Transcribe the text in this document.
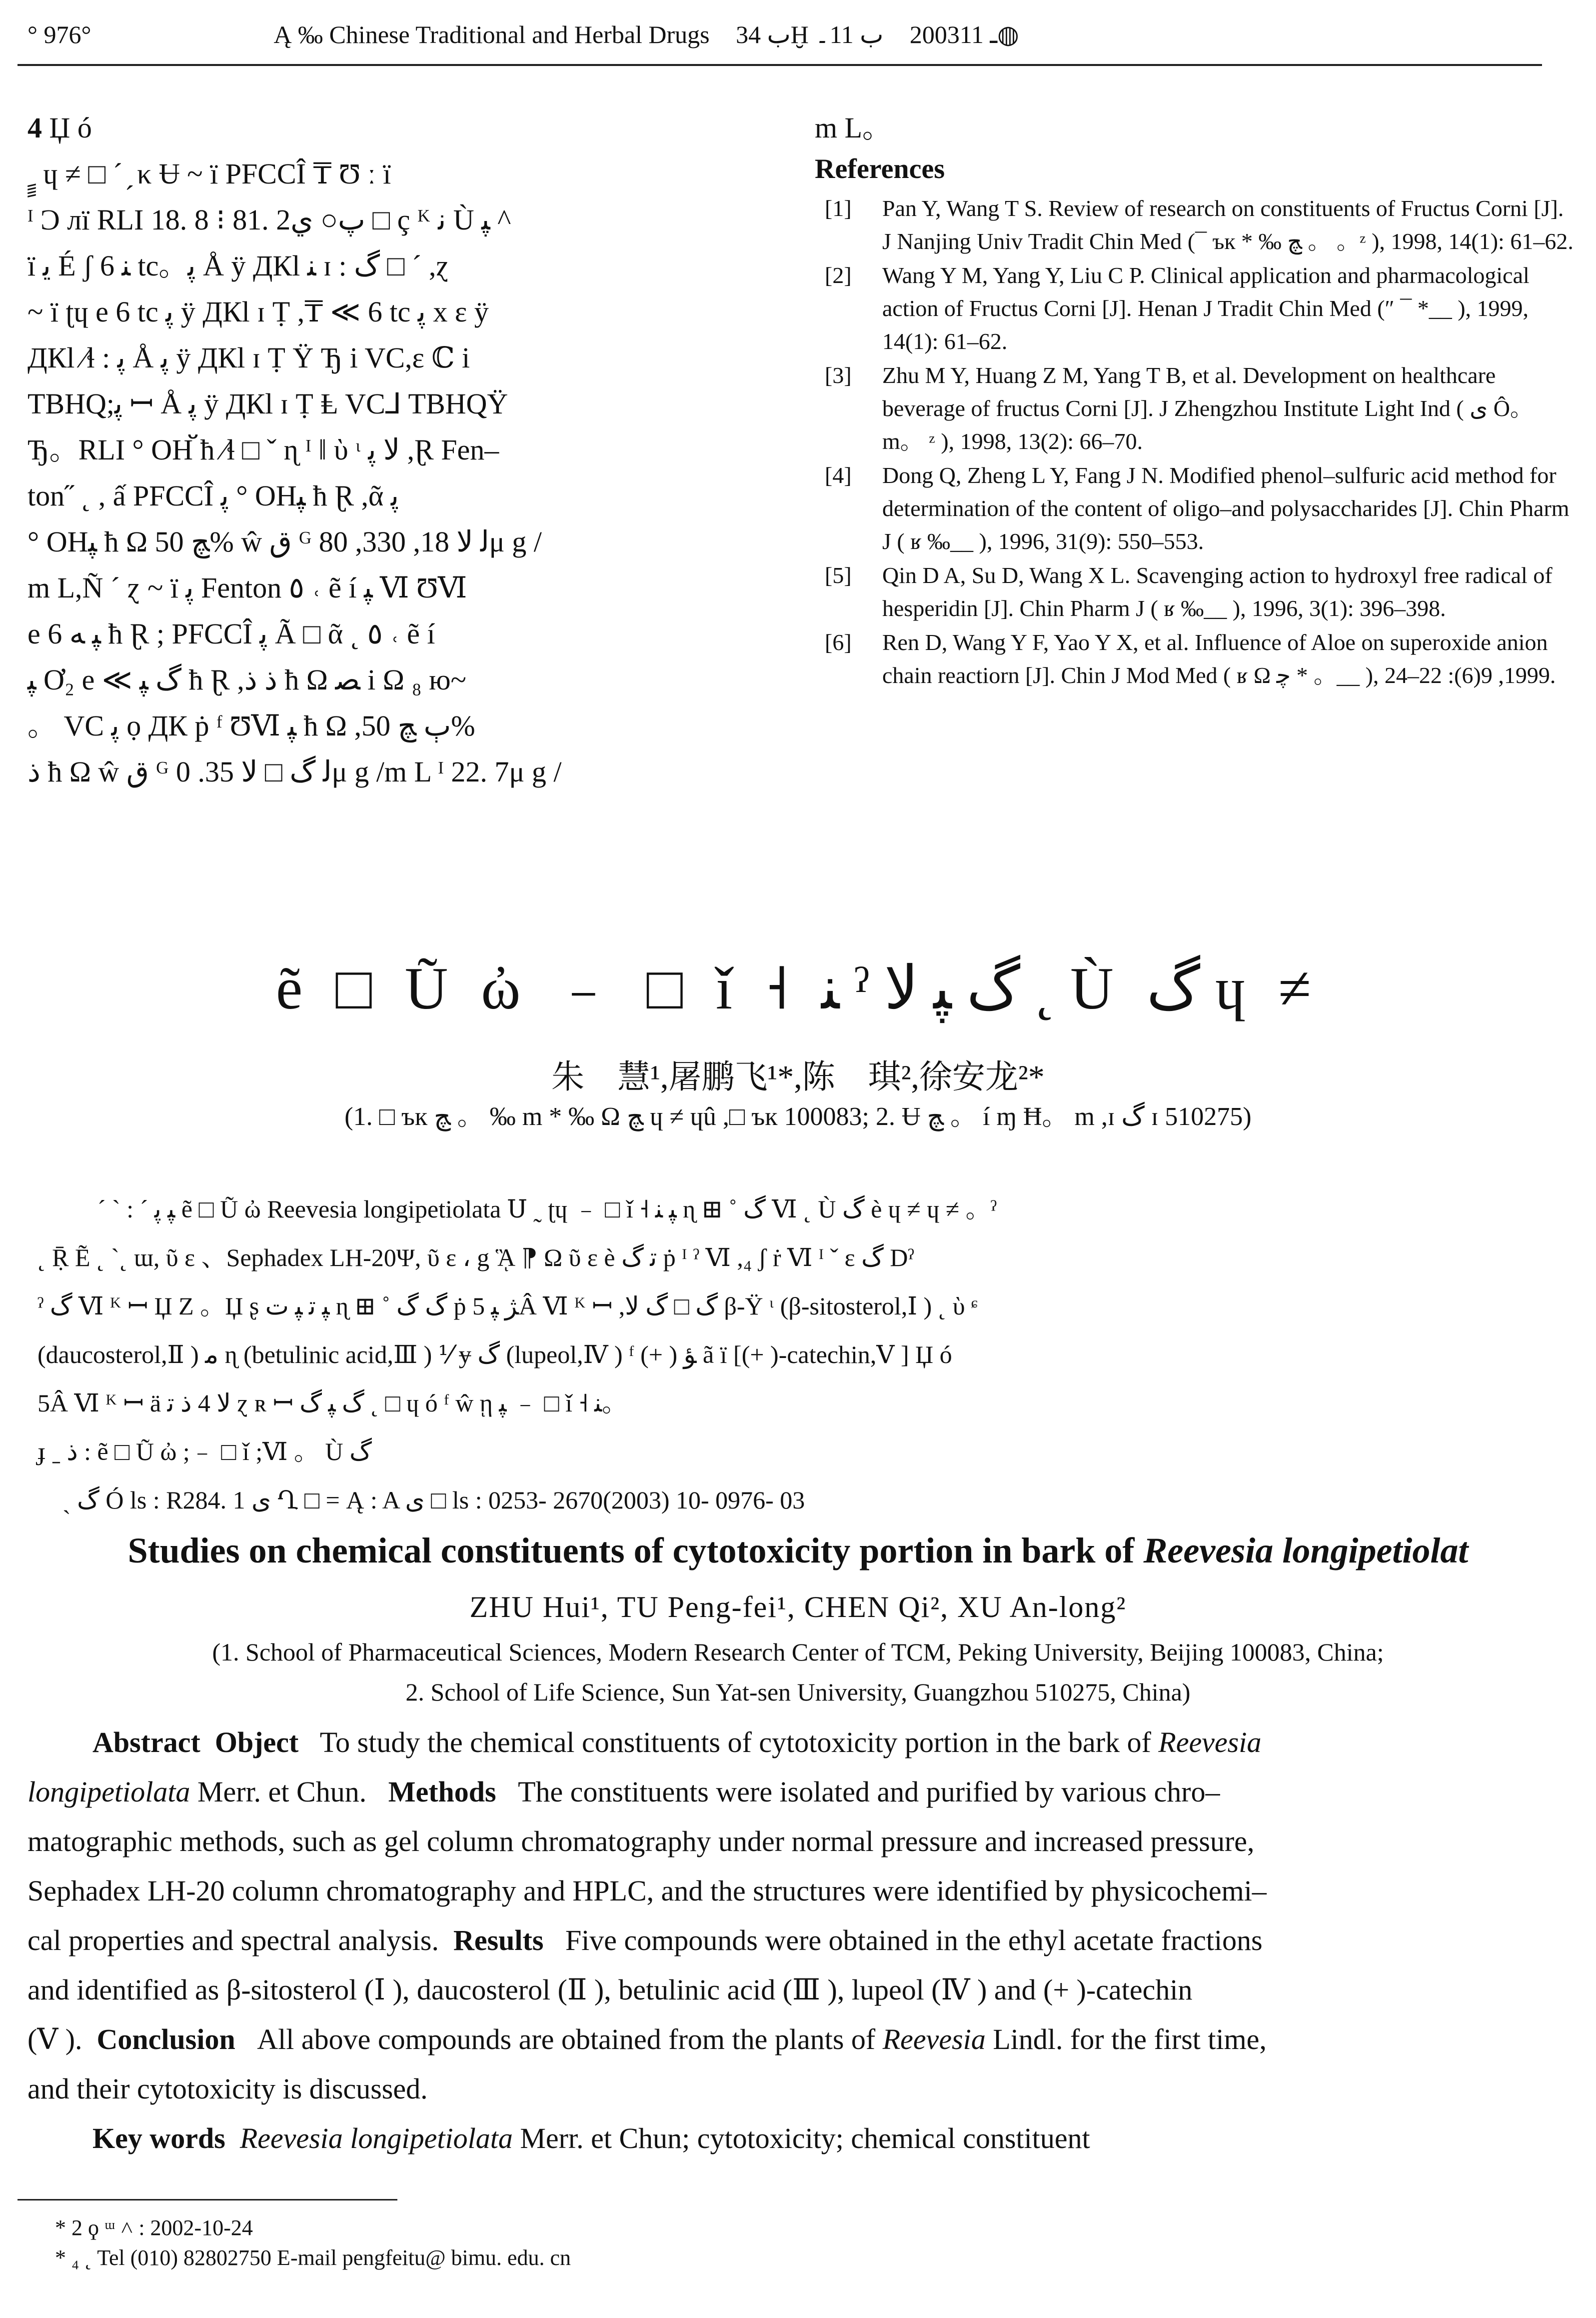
° 976°	Ą ‰ Chinese Traditional and Herbal Drugs ب 34Ḫ ب 11۔ 2003ـ 11◍
4 Џ ó
ٍ ٍ ɥ ≠ □ ´ ̗ κ Ʉ ~ ï PFCCÎ ₸ Ʊ ː ï
ᴵ Ͻ лї RLI 18. 8 ⁝ 81. 2پ○ ي □ ç ᴷ ﻧ Ù ﭙ ^
ï ﻳ É ʃ ﻨ 6 tc。ﭘ Å ÿ ДКl ﻨ ɪ : ﮒ □ ´ ,ɀ
~ ï ʈɥ e 6 tc ﭘ ÿ ДКl ɪ Ṭ ,₸ ≪ 6 tc ﭘ x ɛ ÿ
ДКl ⁄ɬ : ﭘ Å ﭘ ÿ ДКl ɪ Ṭ Ÿ Ђ i VC,ɛ ℂ i
TBHQ;ﭘ ꟷ Å ﭘ ÿ ДКl ɪ Ṭ Ⱡ VC⅃ TBHQŸ
Ђ。RLI ° OHﬞ ħ ⁄ɬ □ ˇ ɳ ᴵ ‖ ὺ ᶥ ﻻ ﭘ ,Ɽ Fen–
ton˝ ˛ , ấ PFCCÎ ﭘ ° OHﭙ ħ Ɽ ,ᾶ ﭘ
° OHﭙ ħ Ω ﭻ 50% ŵ ق ᴳ ﻟ ﻻ 18, 330, 80μ g /
m L,Ñ ˊ ɀ ~ ï ﭘ Fenton ٥ ˓ ẽ í ﭙ Ⅵ ƱⅥ
e 6 ﭙ ﻪ ħ Ɽ ; PFCCÎ ﭘ Ã □ ᾶ ˛ ٥ ˓ ẽ í
ﭙ Ơ₂ e ≪ ﮒ ﭙ ħ Ɽ ,ﺫ ﺫ ħ Ω ﺼ i Ω ₈ ю~
。 VC ﭘ ọ ДК ṗ ᶠ ƱⅥ ﭙ ħ Ω ,ﭒ ﭻ 50%
ﺫ ħ Ω ŵ ق ᴳ ﻟ ﮒ □ ﻻ 35. 0μ g /m L ᴵ 22. 7μ g /
m L。
References
[1] Pan Y, Wang T S. Review of research on constituents of Fructus Corni [J]. J Nanjing Univ Tradit Chin Med (¯ ък * ‰ ﭻ 。 。ᶻ ), 1998, 14(1): 61–62.
[2] Wang Y M, Yang Y, Liu C P. Clinical application and pharmacological action of Fructus Corni [J]. Henan J Tradit Chin Med (″ ¯ *__ ), 1999, 14(1): 61–62.
[3] Zhu M Y, Huang Z M, Yang T B, et al. Development on healthcare beverage of fructus Corni [J]. J Zhengzhou Institute Light Ind ( ﻯ Ô。 m。 ᶻ ), 1998, 13(2): 66–70.
[4] Dong Q, Zheng L Y, Fang J N. Modified phenol–sulfuric acid method for determination of the content of oligo–and polysaccharides [J]. Chin Pharm J ( ʁ ‰__ ), 1996, 31(9): 550–553.
[5] Qin D A, Su D, Wang X L. Scavenging action to hydroxyl free radical of hesperidin [J]. Chin Pharm J ( ʁ ‰__ ), 1996, 3(1): 396–398.
[6] Ren D, Wang Y F, Yao Y X, et al. Influence of Aloe on superoxide anion chain reactiorn [J]. Chin J Mod Med ( ʁ Ω ﭼ * 。__ ), 1999, 9(6): 22–24.
ẽ □ Ũ ὠ ﹣ □ ǐ ˧ ﻨ ˀ ﮒ ﭙ ﻻ ˛ Ù ﮒ ɥ ≠
朱　慧¹,屠鹏飞¹*,陈　琪²,徐安龙²*
(1. □ ък ﭻ 。 ‰ m * ‰ Ω ﭻ ɥ ≠ ɥû ,□ ък 100083; 2. Ʉ ﭻ 。 í ɱ Ħ。 m ,ɪ ﮒ ɪ 510275)
ˊ ˋ : ˊ ﭙ ﭘ ẽ □ Ũ ὠ Reevesia longipetiolata Ս ˷ ʈɥ ﹣ □ ǐ ˧ ﭙ ﻨ ɳ ⊞ ˚ ﮒ Ⅵ ˛ Ù ﮒ è ɥ ≠ ɥ ≠ 。ˀ
˛ Ṝ Ẽ ˛ ˋ˛ ɯ, ῦ ɛ 、Sephadex LH-20Ψ, ῦ ɛ ، g ᾋ ⁋ Ω ῦ ɛ è ﺗ ﮒ ṗ ᴵ ˀ Ⅵ ,₄ ʃ ṙ Ⅵ ᴵ ˇ ɛ ﮒ Dˀ
ˀ ﮒ Ⅵ ᴷ ꟷ Џ Ζ 。Џ ʂ ﭙ ﺗ ﭙ ﺕ ɳ ⊞ ˚ ﮒ ﮒ ṗ ﮋ ﭙ 5Â Ⅵ ᴷ ꟷ ,ﮒ □ ﮒ ﻻ β-Ÿ ᶥ (β-sitosterol,Ⅰ ) ˛ ὺ ᶝ
(daucosterol,Ⅱ ) ﻣ ɳ (betulinic acid,Ⅲ ) ⅟ ɏ ﮒ (lupeol,Ⅳ ) ᶠ (+ ) ﺆ ã ï [(+ )-catechin,Ⅴ ] Џ ó
5Â Ⅵ ᴷ ꟷ ä ﻻ 4 ﺫ ﺗ ɀ ʀ ꟷ ﮒ ﭙ ﮒ ˛ □ ɥ ó ᶠ ŵ ῃ ﭙ ﹣ □ ǐ ˧ ﻨ。
ɟ ˍ ﺫ : ẽ □ Ũ ὠ ;﹣ □ ǐ ;Ⅵ 。 Ù ﮒ
ˎ ﮒ Ó ls : R284. 1 ی Ղ □ = Ą : A ی □ ls : 0253- 2670(2003) 10- 0976- 03
Studies on chemical constituents of cytotoxicity portion in bark of Reevesia longipetiolat
ZHU Hui¹, TU Peng-fei¹, CHEN Qi², XU An-long²
(1. School of Pharmaceutical Sciences, Modern Research Center of TCM, Peking University, Beijing 100083, China;
2. School of Life Science, Sun Yat-sen University, Guangzhou 510275, China)
Abstract Object To study the chemical constituents of cytotoxicity portion in the bark of Reevesia
longipetiolata Merr. et Chun. Methods The constituents were isolated and purified by various chro–
matographic methods, such as gel column chromatography under normal pressure and increased pressure,
Sephadex LH-20 column chromatography and HPLC, and the structures were identified by physicochemi–
cal properties and spectral analysis. Results Five compounds were obtained in the ethyl acetate fractions
and identified as β-sitosterol (Ⅰ ), daucosterol (Ⅱ ), betulinic acid (Ⅲ ), lupeol (Ⅳ ) and (+ )-catechin
(Ⅴ ). Conclusion All above compounds are obtained from the plants of Reevesia Lindl. for the first time,
and their cytotoxicity is discussed.
Key words Reevesia longipetiolata Merr. et Chun; cytotoxicity; chemical constituent
* 2 ϙ ᵚ ˄ : 2002-10-24
* ₄ ˛ Tel (010) 82802750 E-mail pengfeitu@ bimu. edu. cn
